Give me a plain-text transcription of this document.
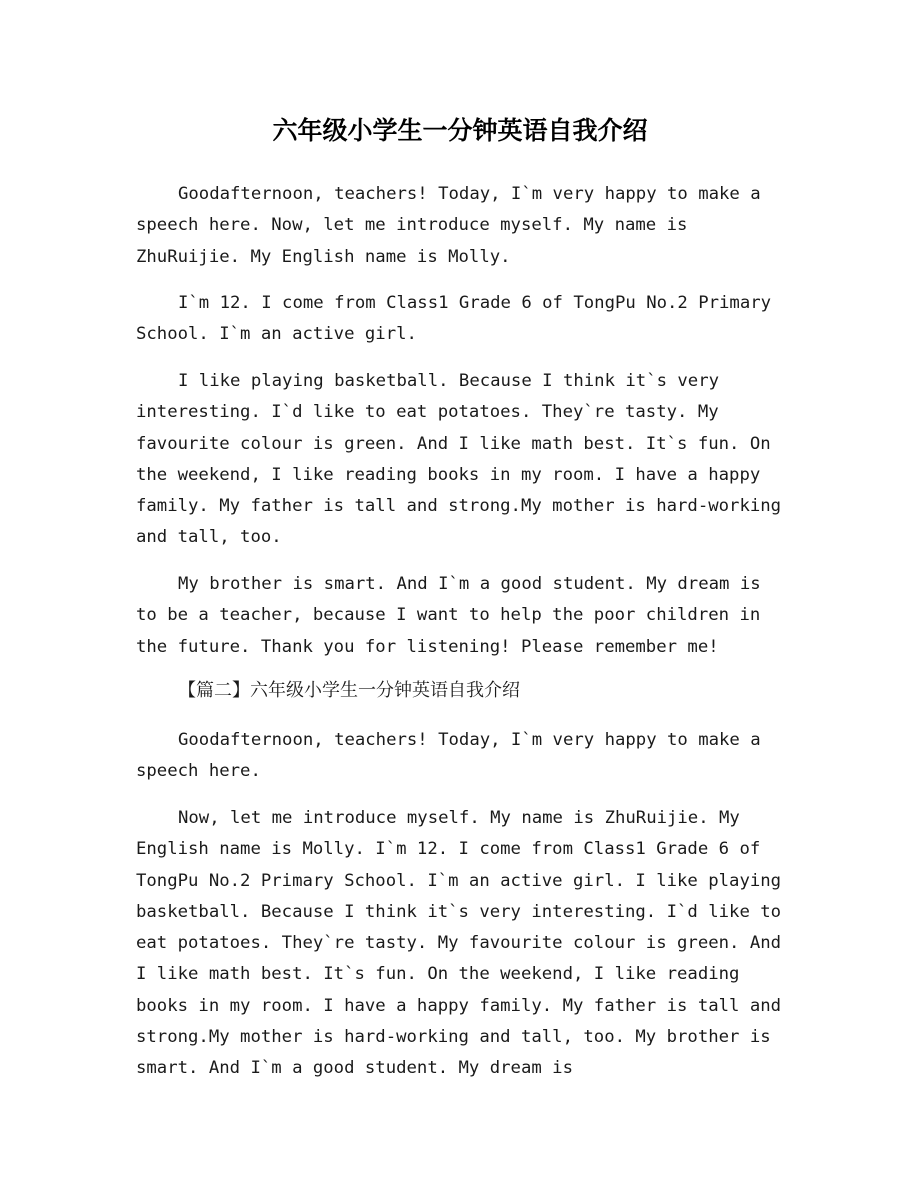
六年级小学生一分钟英语自我介绍

Goodafternoon, teachers! Today, I`m very happy to make a speech here. Now, let me introduce myself. My name is ZhuRuijie. My English name is Molly.

I`m 12. I come from Class1 Grade 6 of TongPu No.2 Primary School. I`m an active girl.

I like playing basketball. Because I think it`s very interesting. I`d like to eat potatoes. They`re tasty. My favourite colour is green. And I like math best. It`s fun. On the weekend, I like reading books in my room. I have a happy family. My father is tall and strong.My mother is hard-working and tall, too.

My brother is smart. And I`m a good student. My dream is to be a teacher, because I want to help the poor children in the future. Thank you for listening! Please remember me!

【篇二】六年级小学生一分钟英语自我介绍

Goodafternoon, teachers! Today, I`m very happy to make a speech here.

Now, let me introduce myself. My name is ZhuRuijie. My English name is Molly. I`m 12. I come from Class1 Grade 6 of TongPu No.2 Primary School. I`m an active girl. I like playing basketball. Because I think it`s very interesting. I`d like to eat potatoes. They`re tasty. My favourite colour is green. And I like math best. It`s fun. On the weekend, I like reading books in my room. I have a happy family. My father is tall and strong.My mother is hard-working and tall, too. My brother is smart. And I`m a good student. My dream is
